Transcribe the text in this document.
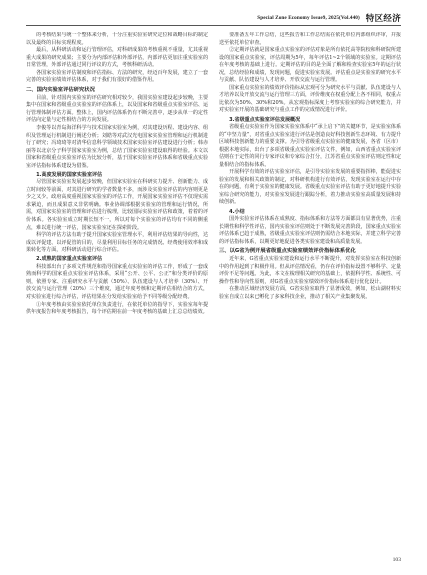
Special Zone Economy Issue9, 2025(Vol.440) 特区经济

的考核结果与统一个整体来分析，十分注重实验室研究定位和战略目标的制定以及最终的目标实现程度。

最后，从科研活动和运行管理评估，对科研成果的考核重视不重量，尤其重视重大成果的研究成果；主要分为内部评估和外部评估，内部评估更加注重实验室的日常管理，外部评估通过同行评议的方式，考核科研活动。

各国家实验室评估制度和评估指标、方法的研究，经迈百年发展，建立了一套完善的实验室绩效评估体系，对于我们有很好的借鉴作用。

二、国内实验室评估研究状况

目前，针对国内实验室的评估研究相对较少，我国实验室建设起步较晚，主要集中在国家和省级重点实验室的评估体系上，以及国家和省级重点实验室评估、运行管理体制评估方面。整体上，国内评估体系仍有不断完善中，逐步从单一的定性评估向定量与定性相结合的方向发展。

李俊等以青岛海洋科学与技术国家实验室为例，对其建设历程、建设内容、组织及管理运行机制进行阐述分析；刘皓等对武汉光电国家实验室管理和运行机制进行了研究；冯琦琦等对清华信息科学领域技术国家实验室评估建设进行分析；韩赤丽等以北京分子科学国家实验室为例，总结了国家实验室建设取得的经验。本文以国家和省级重点实验室评估为比较分析，基于国家实验室评估体系和省级重点实验室评估指标体系建设为借鉴。

1.高度发展的国家实验室评估

尽管国家实验室发展起步较晚，但国家实验室在科研实力提升、创新能力、成立时间较等前面，对其进行研究的学者数量不多，而涉及实验室评估的内容则更是少之又少。政府高度重视国家实验室的评估工作，开展国家实验室评估不仅现实需求紧迫，而且成果意义非常明确。事业协调部根据实验室的管理和运行情况，所需，对国家实验室的管理和评估进行梳理，比较国际实验室评估和政策，着着的评价体系。各实验室成立时期长短不一，所以对每个实验室的评估均有不同的侧重点，难以进行统一评估，国家实验室还在探索阶段。

科学的评估方法有助于提升国家实验室管理水平，利用评估结果的导向性，达成以评促建、以评促管的目的，尽量利用目标任务的完成情况、经费使用效率和成果转化等方面，对科研活动进行综合评估。

2.成熟的国家重点实验室评估

科技部出台了多项文件规范和指导国家重点实验室的评估工作，形成了一套成熟而科学的国家重点实验室评估体系，采用“公开、公平、公正”和分类评价的原则，依照专家、注重研究水平与贡献（50%）、队伍建设与人才培养（30%）、开放交流与运行管理（20%）三个维度，通过年度考核和定期评估相结合的方式，对实验室进行综合评估，评估结果在分发给实验室给予不同等级分配经费。

①年度考核由实验室依托单位负责进行，在依托单位的指导下，实验室每年提供年度报告和年度考核报告，每个评估期在前一年度考核的基础上汇总总结绩效。

要准备五年工作总结，这些报告和工作总结需在依托单位内部组织评审，并报送至依托单位审查。

②定期评估就是国家重点实验室的评估对象是所有依托高等院校和科研院所建设的国家重点实验室，评估周期为5年，每年评估1~2个领域的实验室。定期评估在年度考核的基础上进行。定期评估的目的是全面了解和检查实验室5年的运行状况，总结经验和成绩，发现问题，促进实验室发展。评估重点是实验室的研究水平与贡献、队伍建设与人才培养、开放交流与运行管理。

国家重点实验室的绩效评价指标从宏观可分为研究水平与贡献、队伍建设与人才培养以及开放交流与运行管理三方面，评价维度在权重分配上各不相同，权重占比依次为50%、30%和20%。从宏观指标深度上考察实验室的综合研究能力，并对实验室开展的基础研究与重点工作的完成情况进行评价。

3.省级重点实验室评估发展概况

省级重点实验室作为国家实验室体系中“承上启下”的关键环节，是实验室体系的“中坚力量”，对省重点实验室进行评估是创造良好科技创新生态环境、有力提升区域科技创新能力的重要支撑。为引导省级重点实验室的健康发展，各省（区市）根据本地实际，出台了多项省级重点实验室评估文件，例如，山西省重点实验室评估则在于定性的同行专家评议和专家综合打分，江苏省重点实验室评估则定性和定量相结合的指标体系。

开展科学有效的评估实验室评估，是引导实验室发展的重要指挥棒，能促进实验室的发展和相关政策的制定，对科研机构进行有效评估，发现实验室在运行中存在的问题，有利于实验室的健康发展。省级重点实验室评估有助于更好地提升实验室综合研究的能力，对实验室发展进行跟踪分析，着力推动实验室高质量发展和持续创新。

4.小结

国外实验室评估体系在成熟度、指标体系和方法等方面都具有显著优势，注重长期性和科学性评估，国内实验室评估则处于不断发展完善阶段，国家重点实验室评估体系已趋于成熟，省级重点实验室评估则仍需结合本地实际，并建立科学完善的评估指标体系，以期更好地促进各类实验室建设和高质量发展。

三、以G省为例开展省级重点实验室绩效评价指标体系优化

近年来，G省重点实验室建设和运行水平不断提升，对发挥实验室在科技创新中的作用起到了积极作用。但从评估情况看，仍存在评价指标设置不够科学、定量评价不足等问题。为此，本文在梳理相关研究的基础上，依据科学性、系统性、可操作性和导向性原则，对G省重点实验室绩效评价指标体系进行优化设计。

在推动区域经济发展方面，G省实验室取得了显著成效，例如，松山湖材料实验室自成立以来已孵化了多家科技企业，推动了相关产业集聚发展。

103
